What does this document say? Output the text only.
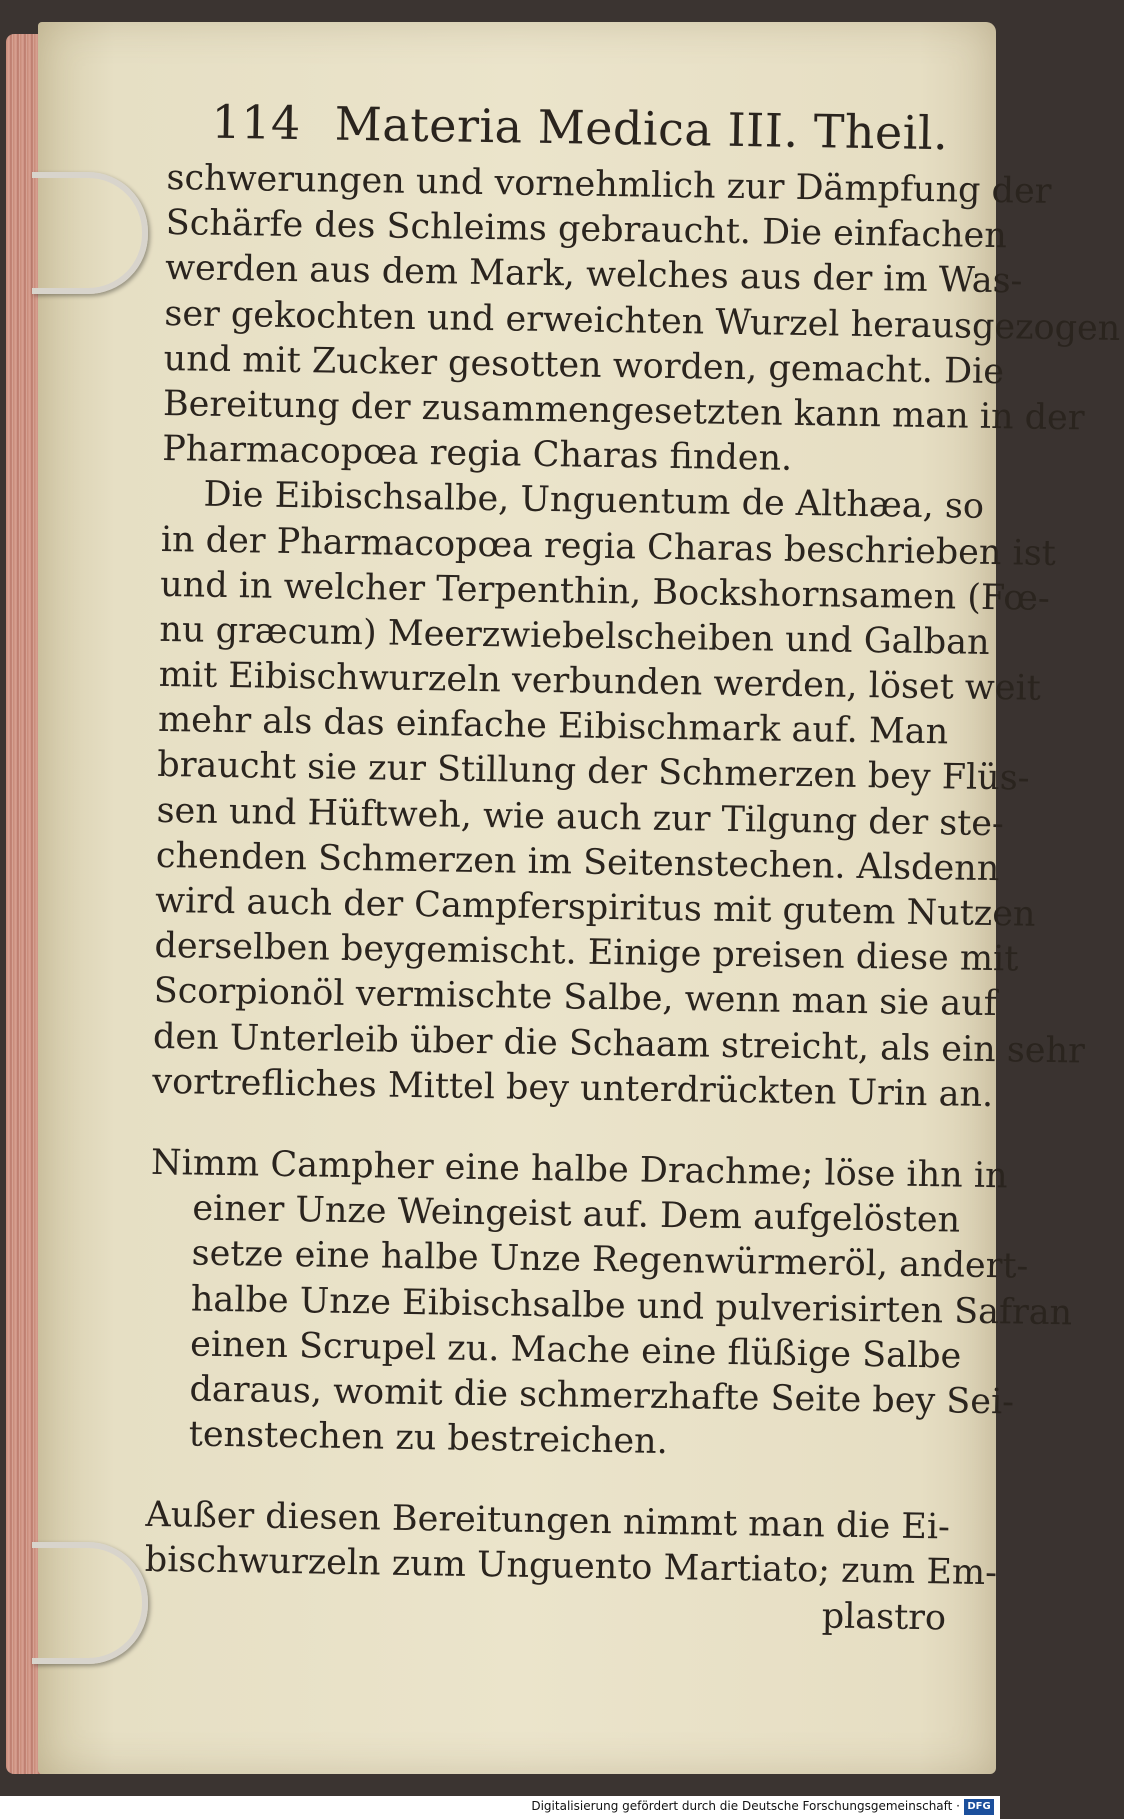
114 Materia Medica III. Theil.
schwerungen und vornehmlich zur Dämpfung der
Schärfe des Schleims gebraucht. Die einfachen
werden aus dem Mark, welches aus der im Was-
ser gekochten und erweichten Wurzel herausgezogen
und mit Zucker gesotten worden, gemacht. Die
Bereitung der zusammengesetzten kann man in der
Pharmacopœa regia Charas finden.
Die Eibischsalbe, Unguentum de Althæa, so
in der Pharmacopœa regia Charas beschrieben ist
und in welcher Terpenthin, Bockshornsamen (Fœ-
nu græcum) Meerzwiebelscheiben und Galban
mit Eibischwurzeln verbunden werden, löset weit
mehr als das einfache Eibischmark auf. Man
braucht sie zur Stillung der Schmerzen bey Flüs-
sen und Hüftweh, wie auch zur Tilgung der ste-
chenden Schmerzen im Seitenstechen. Alsdenn
wird auch der Campferspiritus mit gutem Nutzen
derselben beygemischt. Einige preisen diese mit
Scorpionöl vermischte Salbe, wenn man sie auf
den Unterleib über die Schaam streicht, als ein sehr
vortrefliches Mittel bey unterdrückten Urin an.
Nimm Campher eine halbe Drachme; löse ihn in
einer Unze Weingeist auf. Dem aufgelösten
setze eine halbe Unze Regenwürmeröl, andert-
halbe Unze Eibischsalbe und pulverisirten Safran
einen Scrupel zu. Mache eine flüßige Salbe
daraus, womit die schmerzhafte Seite bey Sei-
tenstechen zu bestreichen.
Außer diesen Bereitungen nimmt man die Ei-
bischwurzeln zum Unguento Martiato; zum Em-
plastro
Digitalisierung gefördert durch die Deutsche Forschungsgemeinschaft · DFG
